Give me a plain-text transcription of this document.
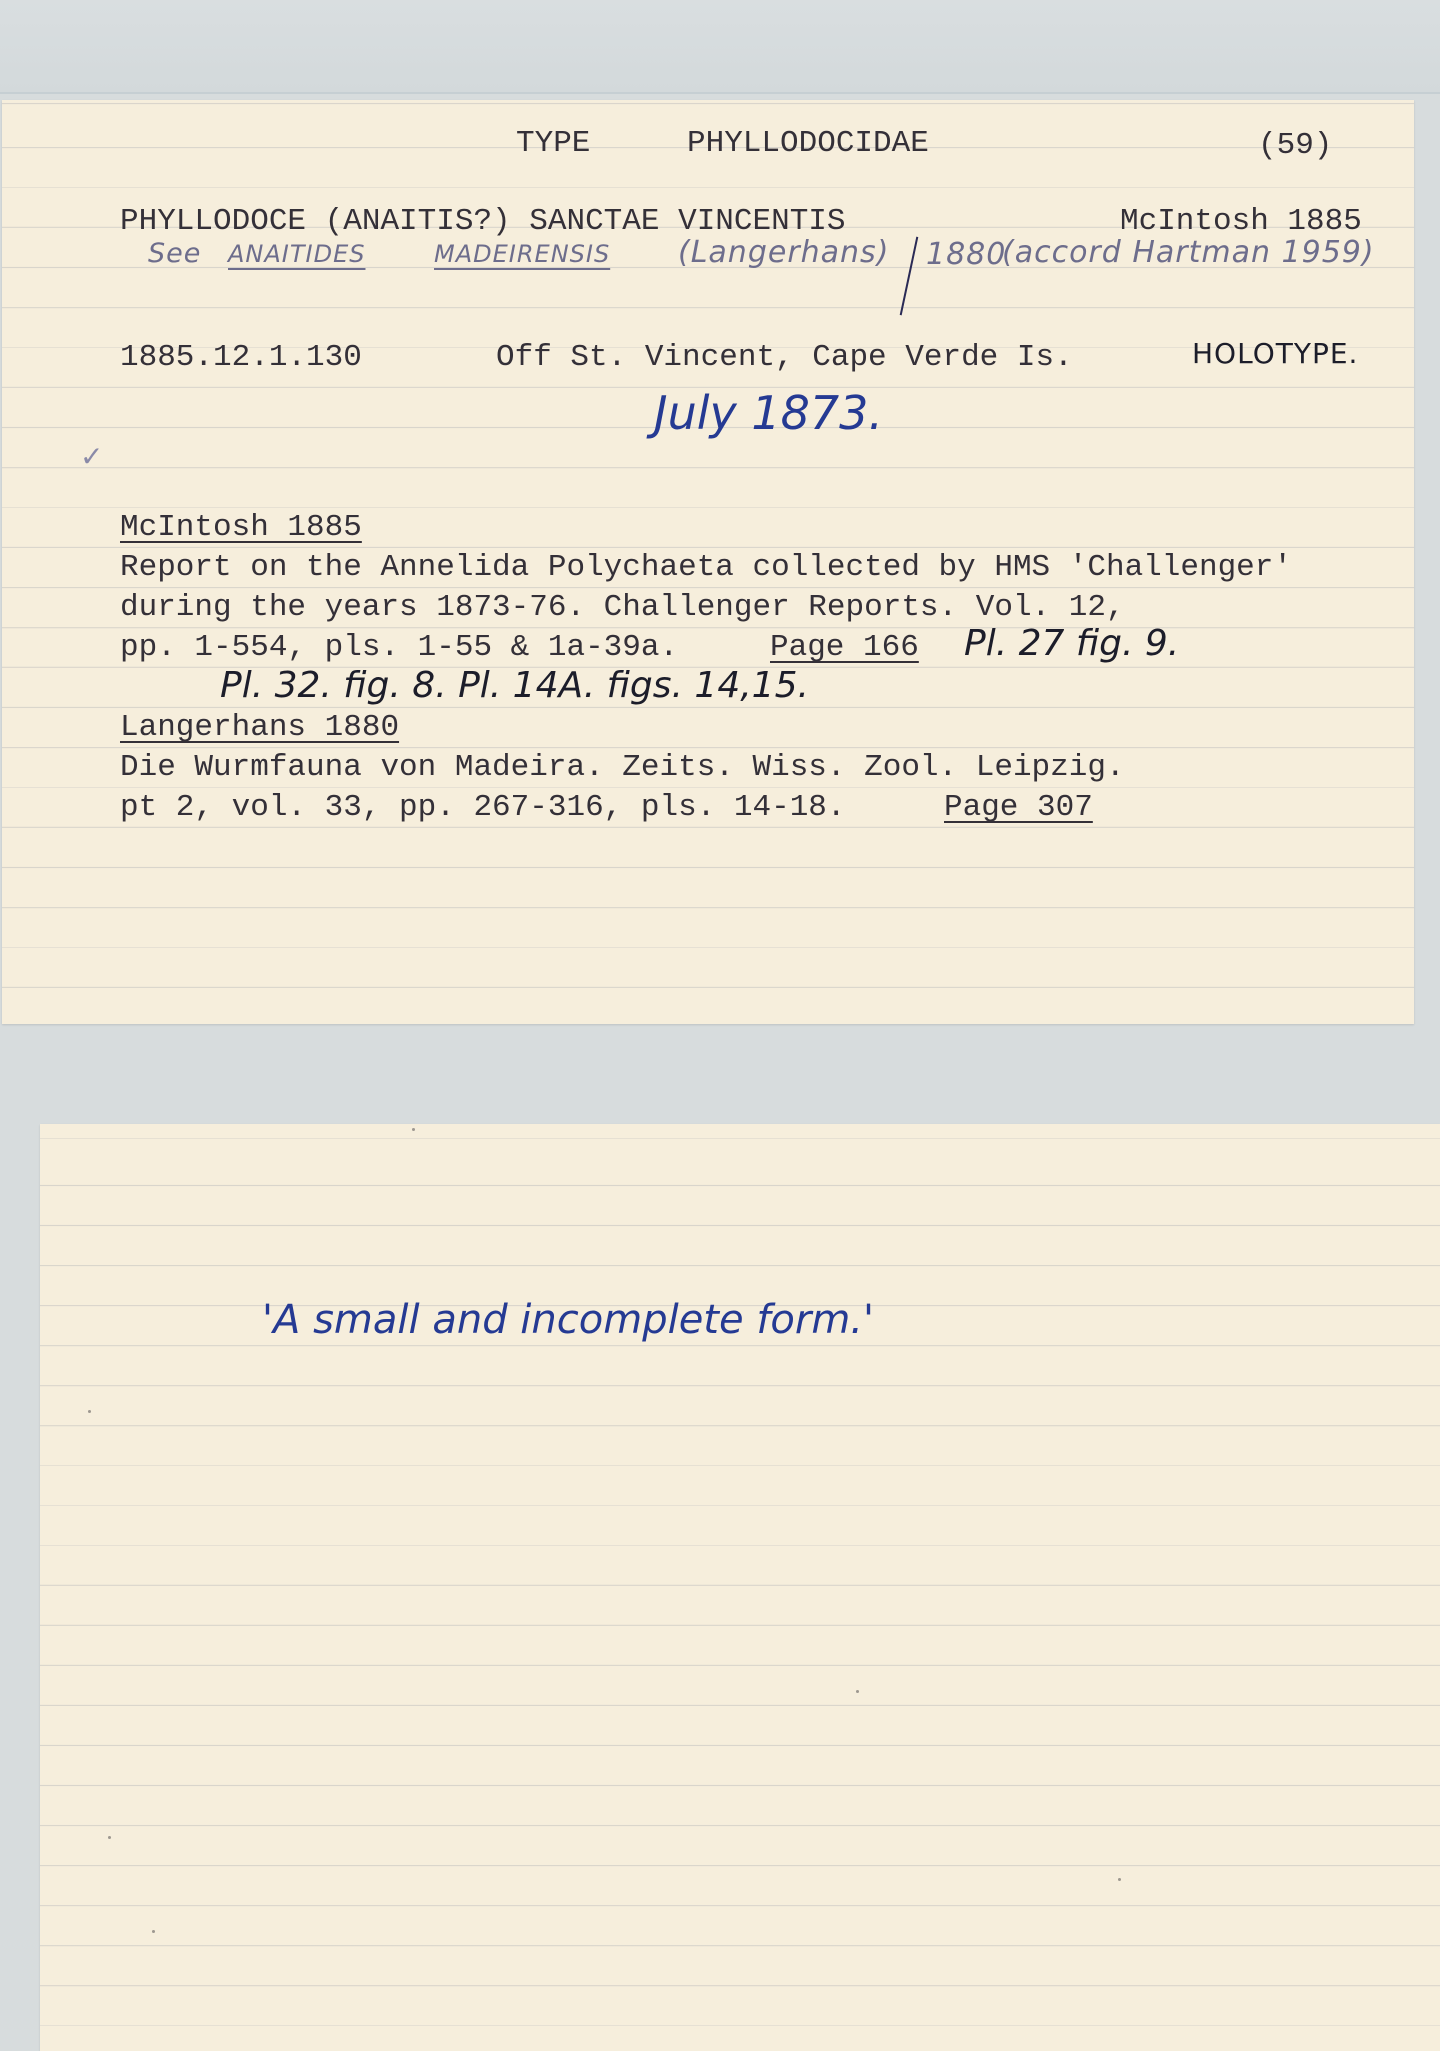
TYPE	PHYLLODOCIDAE	(59)
PHYLLODOCE (ANAITIS?) SANCTAE VINCENTIS	McIntosh 1885
See ANAITIDES	MADEIRENSIS (Langerhans) 1880
(accord Hartman 1959)
✓
1885.12.1.130	Off St. Vincent, Cape Verde Is.	HOLOTYPE.
July 1873.
McIntosh 1885
Report on the Annelida Polychaeta collected by HMS 'Challenger'
during the years 1873-76. Challenger Reports. Vol. 12,
pp. 1-554, pls. 1-55 & 1a-39a.	Page 166 Pl. 27 fig. 9.
Pl. 32. fig. 8. Pl. 14A. figs. 14,15.
Langerhans 1880
Die Wurmfauna von Madeira. Zeits. Wiss. Zool. Leipzig.
pt 2, vol. 33, pp. 267-316, pls. 14-18.	Page 307
'A small and incomplete form.'
